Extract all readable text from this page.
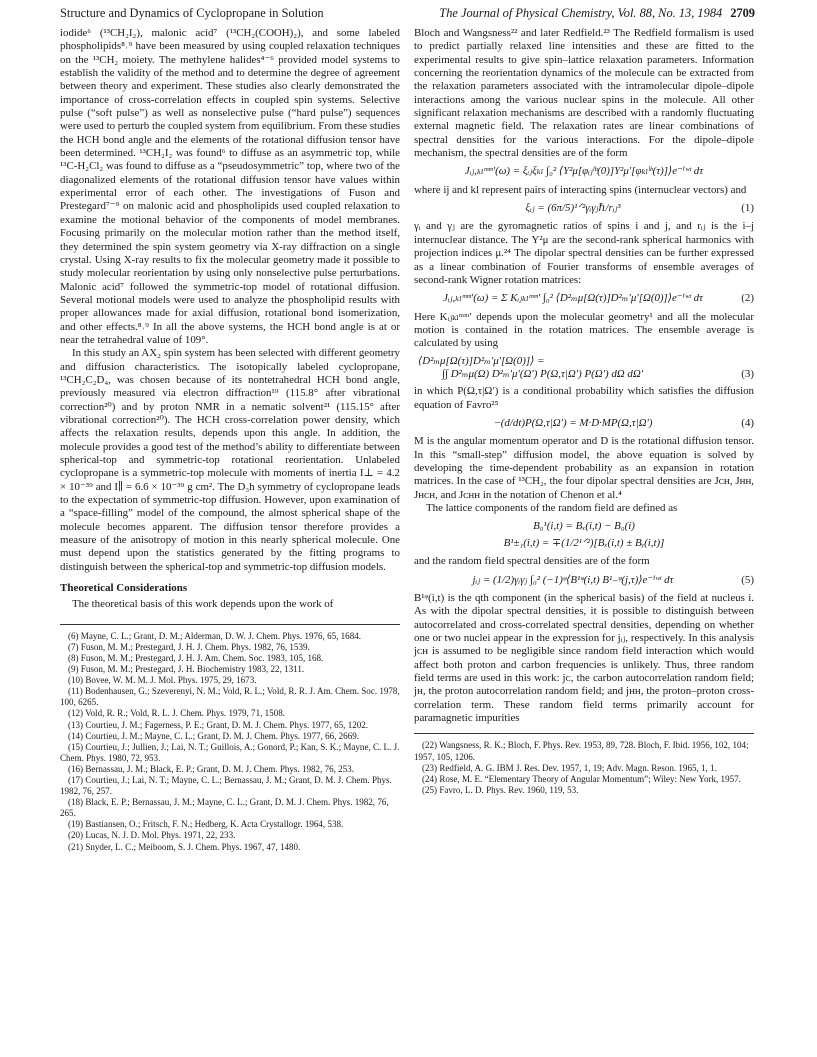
Structure and Dynamics of Cyclopropane in Solution	The Journal of Physical Chemistry, Vol. 88, No. 13, 1984 2709

iodide⁶ (¹³CH₂I₂), malonic acid⁷ (¹³CH₂(COOH)₂), and some labeled phospholipids⁸˒⁹ have been measured by using coupled relaxation techniques on the ¹³CH₂ moiety. The methylene halides⁴⁻⁶ provided model systems to establish the validity of the method and to determine the degree of agreement between theory and experiment. These studies also clearly demonstrated the importance of cross-correlation effects in coupled spin systems. Selective pulse (“soft pulse”) as well as nonselective pulse (“hard pulse”) sequences were used to perturb the coupled system from equilibrium. From these studies the HCH bond angle and the elements of the rotational diffusion tensor have been determined. ¹³CH₂I₂ was found⁶ to diffuse as an asymmetric top, while ¹³C-H₂Cl₂ was found to diffuse as a “pseudosymmetric” top, where two of the diagonalized elements of the rotational diffusion tensor have values within experimental error of each other. The investigations of Fuson and Prestegard⁷⁻⁹ on malonic acid and phospholipids used coupled relaxation to examine the motional behavior of the components of model membranes. Focusing primarily on the molecular motion rather than the method itself, they determined the spin system geometry via X-ray diffraction on a single crystal. Using X-ray results to fix the molecular geometry made it possible to study molecular reorientation by using only nonselective pulse perturbations. Malonic acid⁷ followed the symmetric-top model of rotational diffusion. Several motional models were used to analyze the phospholipid results with proper allowances made for axial diffusion, rotational bond isomerization, and other effects.⁸˒⁹ In all the above systems, the HCH bond angle is at or near the tetrahedral value of 109°.

In this study an AX₂ spin system has been selected with different geometry and diffusion characteristics. The isotopically labeled cyclopropane, ¹³CH₂C₂D₄, was chosen because of its nontetrahedral HCH bond angle, previously measured via electron diffraction¹⁹ (115.8° after vibrational correction²⁰) and by proton NMR in a nematic solvent²¹ (115.15° after vibrational correction²⁰). The HCH cross-correlation power density, which affects the relaxation results, depends upon this angle. In addition, the molecule provides a good test of the method’s ability to differentiate between spherical-top and symmetric-top rotational reorientation. Unlabeled cyclopropane is a symmetric-top molecule with moments of inertia I⊥ = 4.2 × 10⁻³⁹ and I∥ = 6.6 × 10⁻³⁹ g cm². The D₃h symmetry of cyclopropane leads to the expectation of symmetric-top diffusion. However, upon examination of a “space-filling” model of the compound, the almost spherical shape of the molecule becomes apparent. The diffusion tensor therefore provides a measure of the anisotropy of motion in this nearly spherical molecule. One must depend upon the statistics generated by the fitting programs to distinguish between the spherical-top and symmetric-top diffusion models.

Theoretical Considerations

The theoretical basis of this work depends upon the work of

(6) Mayne, C. L.; Grant, D. M.; Alderman, D. W. J. Chem. Phys. 1976, 65, 1684.
(7) Fuson, M. M.; Prestegard, J. H. J. Chem. Phys. 1982, 76, 1539.
(8) Fuson, M. M.; Prestegard, J. H. J. Am. Chem. Soc. 1983, 105, 168.
(9) Fuson, M. M.; Prestegard, J. H. Biochemistry 1983, 22, 1311.
(10) Bovee, W. M. M. J. Mol. Phys. 1975, 29, 1673.
(11) Bodenhausen, G.; Szeverenyi, N. M.; Vold, R. L.; Vold, R. R. J. Am. Chem. Soc. 1978, 100, 6265.
(12) Vold, R. R.; Vold, R. L. J. Chem. Phys. 1979, 71, 1508.
(13) Courtieu, J. M.; Fagerness, P. E.; Grant, D. M. J. Chem. Phys. 1977, 65, 1202.
(14) Courtieu, J. M.; Mayne, C. L.; Grant, D. M. J. Chem. Phys. 1977, 66, 2669.
(15) Courtieu, J.; Jullien, J.; Lai, N. T.; Guillois, A.; Gonord, P.; Kan, S. K.; Mayne, C. L. J. Chem. Phys. 1980, 72, 953.
(16) Bernassau, J. M.; Black, E. P.; Grant, D. M. J. Chem. Phys. 1982, 76, 253.
(17) Courtieu, J.; Lai, N. T.; Mayne, C. L.; Bernassau, J. M.; Grant, D. M. J. Chem. Phys. 1982, 76, 257.
(18) Black, E. P.; Bernassau, J. M.; Mayne, C. L.; Grant, D. M. J. Chem. Phys. 1982, 76, 265.
(19) Bastiansen, O.; Fritsch, F. N.; Hedberg, K. Acta Crystallogr. 1964, 538.
(20) Lucas, N. J. D. Mol. Phys. 1971, 22, 233.
(21) Snyder, L. C.; Meiboom, S. J. Chem. Phys. 1967, 47, 1480.

Bloch and Wangsness²² and later Redfield.²³ The Redfield formalism is used to predict partially relaxed line intensities and these are fitted to the experimental results to give spin–lattice relaxation parameters. Information concerning the reorientation dynamics of the molecule can be extracted from the relaxation parameters associated with the intramolecular dipole–dipole interactions among the various nuclear spins in the molecule. All other significant relaxation mechanisms are described with a randomly fluctuating external magnetic field. The relaxation rates are linear combinations of spectral densities for the various interactions. For the dipole–dipole mechanism, the spectral densities are of the form

Jᵢⱼ,ₖₗᵐᵐ′(ω) = ξᵢⱼξₖₗ ∫₀² ⟨Y²μ[φᵢⱼˡᵇ(0)]Y²μ′[φₖₗˡᵇ(τ)]⟩e⁻ⁱʷᵗ dτ

where ij and kl represent pairs of interacting spins (internuclear vectors) and

ξᵢⱼ = (6π/5)¹ᐟ²γᵢγⱼℏ/rᵢⱼ³	(1)

γᵢ and γⱼ are the gyromagnetic ratios of spins i and j, and rᵢⱼ is the i–j internuclear distance. The Y²μ are the second-rank spherical harmonics with projection indices μ.²⁴ The dipolar spectral densities can be further expressed as a linear combination of Fourier transforms of ensemble averages of second-rank Wigner rotation matrices:

Jᵢⱼ,ₖₗᵐᵐ′(ω) = Σ Kᵢⱼₖₗᵐᵐ′ ∫₀² ⟨D²ₘμ[Ω(τ)]D²ₘ′μ′[Ω(0)]⟩e⁻ⁱʷᵗ dτ	(2)

Here Kᵢⱼₖₗᵐᵐ′ depends upon the molecular geometry¹ and all the molecular motion is contained in the rotation matrices. The ensemble average is calculated by using

⟨D²ₘμ[Ω(τ)]D²ₘ′μ′[Ω(0)]⟩ =
∫∫ D²ₘμ(Ω) D²ₘ′μ′(Ω′) P(Ω,τ|Ω′) P(Ω′) dΩ dΩ′	(3)

in which P(Ω,τ|Ω′) is a conditional probability which satisfies the diffusion equation of Favro²⁵

−(d/dt)P(Ω,τ|Ω′) = M·D·MP(Ω,τ|Ω′)	(4)

M is the angular momentum operator and D is the rotational diffusion tensor. In this “small-step” diffusion model, the above equation is solved by developing the time-dependent probability as an expansion in rotation matrices. In the case of ¹³CH₂, the four dipolar spectral densities are Jᴄʜ, Jʜʜ, Jʜᴄʜ, and Jᴄʜʜ in the notation of Chenon et al.⁴

The lattice components of the random field are defined as

B₀¹(i,t) = Bₓ(i,t) − B₀(i)
B¹±₁(i,t) = ∓(1/2¹ᐟ²)[Bₓ(i,t) ± Bᵧ(i,t)]

and the random field spectral densities are of the form

jᵢⱼ = (1/2)γᵢγⱼ ∫₀² (−1)ᵠ⟨B¹ᵠ(i,t) B¹₋ᵠ(j,τ)⟩e⁻ⁱʷᵗ dτ	(5)

B¹ᵠ(i,t) is the qth component (in the spherical basis) of the field at nucleus i. As with the dipolar spectral densities, it is possible to distinguish between autocorrelated and cross-correlated spectral densities, depending on whether one or two nuclei appear in the expression for jᵢⱼ, respectively. In this analysis jᴄʜ is assumed to be negligible since random field interaction which would affect both proton and carbon frequencies is unlikely. Thus, three random field terms are used in this work: jᴄ, the carbon autocorrelation random field; jʜ, the proton autocorrelation random field; and jʜʜ, the proton–proton cross-correlation term. These random field terms primarily account for paramagnetic impurities

(22) Wangsness, R. K.; Bloch, F. Phys. Rev. 1953, 89, 728. Bloch, F. Ibid. 1956, 102, 104; 1957, 105, 1206.
(23) Redfield, A. G. IBM J. Res. Dev. 1957, 1, 19; Adv. Magn. Reson. 1965, 1, 1.
(24) Rose, M. E. “Elementary Theory of Angular Momentum”; Wiley: New York, 1957.
(25) Favro, L. D. Phys. Rev. 1960, 119, 53.
